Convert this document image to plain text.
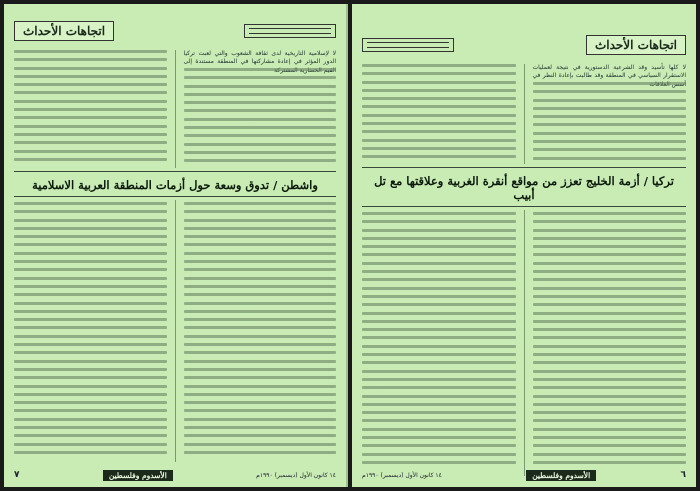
اتجاهات الأحداث
لا لإسلامية التاريخية لدى ثقافة الشعوب والتي لعبت تركيا الدور المؤثر في إعادة مشاركتها في المنطقة مستندة إلى
واشطن / تدوق وسعة حول أزمات المنطقة العربية الاسلامية
٧	الأسدوم وفلسطين	١٤ كانون الأول (ديسمبر) ١٩٩٠م
اتجاهات الأحداث
لا كلها تأسيد وقد الشرعية الدستورية في نتيجة لعمليات الاستقرار السياسي في المنطقة وقد طالبت بإعادة النظر في
تركيا / أزمة الخليج تعزز من مواقع أنقرة الغربية وعلاقتها مع تل أبيب
١٤ كانون الأول (ديسمبر) ١٩٩٠م	الأسدوم وفلسطين	٦
